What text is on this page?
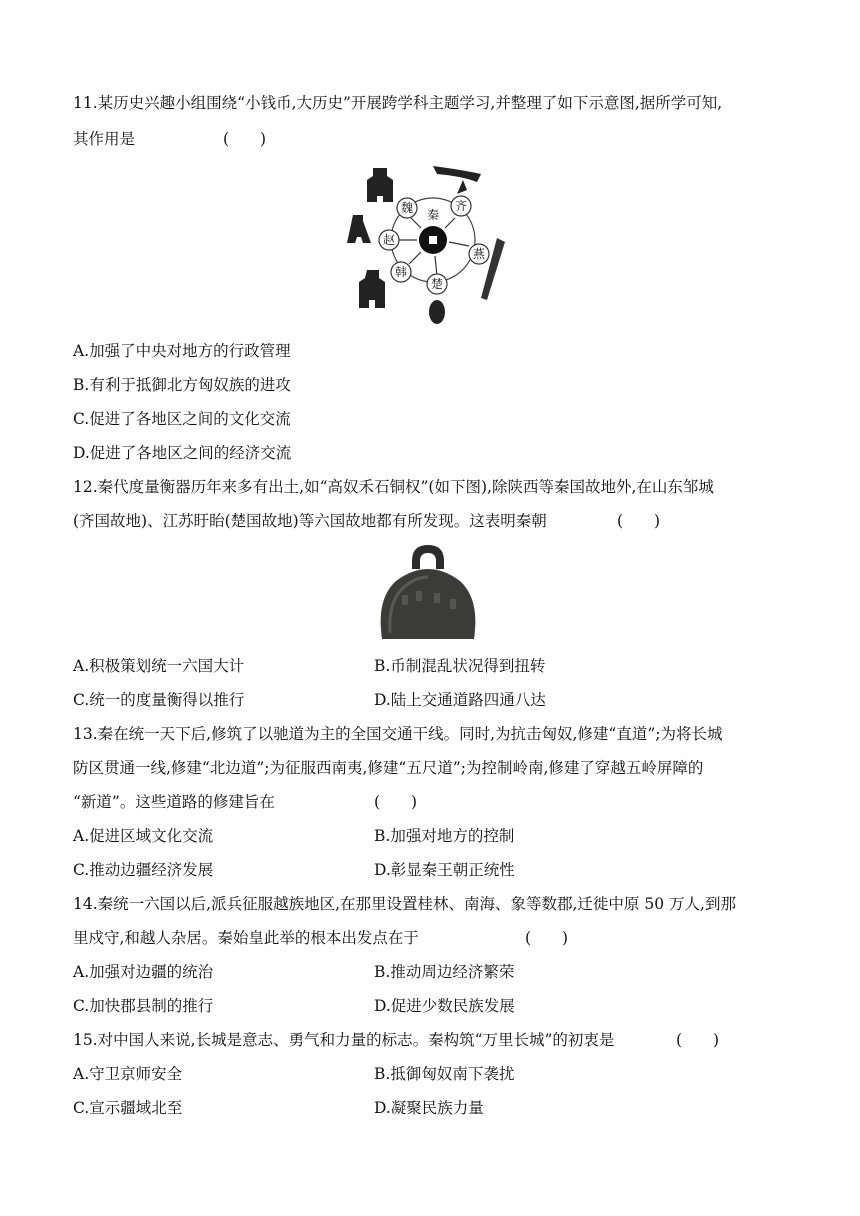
11.某历史兴趣小组围绕“小钱币,大历史”开展跨学科主题学习,并整理了如下示意图,据所学可知,
其作用是	(　　)
秦
魏	齐
燕
楚
韩
赵
A.加强了中央对地方的行政管理
B.有利于抵御北方匈奴族的进攻
C.促进了各地区之间的文化交流
D.促进了各地区之间的经济交流
12.秦代度量衡器历年来多有出土,如“高奴禾石铜权”(如下图),除陕西等秦国故地外,在山东邹城
(齐国故地)、江苏盱眙(楚国故地)等六国故地都有所发现。这表明秦朝	(　　)
A.积极策划统一六国大计	B.币制混乱状况得到扭转
C.统一的度量衡得以推行	D.陆上交通道路四通八达
13.秦在统一天下后,修筑了以驰道为主的全国交通干线。同时,为抗击匈奴,修建“直道”;为将长城
防区贯通一线,修建“北边道”;为征服西南夷,修建“五尺道”;为控制岭南,修建了穿越五岭屏障的
“新道”。这些道路的修建旨在	(　　)
A.促进区域文化交流	B.加强对地方的控制
C.推动边疆经济发展	D.彰显秦王朝正统性
14.秦统一六国以后,派兵征服越族地区,在那里设置桂林、南海、象等数郡,迁徙中原 50 万人,到那
里戍守,和越人杂居。秦始皇此举的根本出发点在于	(　　)
A.加强对边疆的统治	B.推动周边经济繁荣
C.加快郡县制的推行	D.促进少数民族发展
15.对中国人来说,长城是意志、勇气和力量的标志。秦构筑“万里长城”的初衷是	(　　)
A.守卫京师安全	B.抵御匈奴南下袭扰
C.宣示疆域北至	D.凝聚民族力量
